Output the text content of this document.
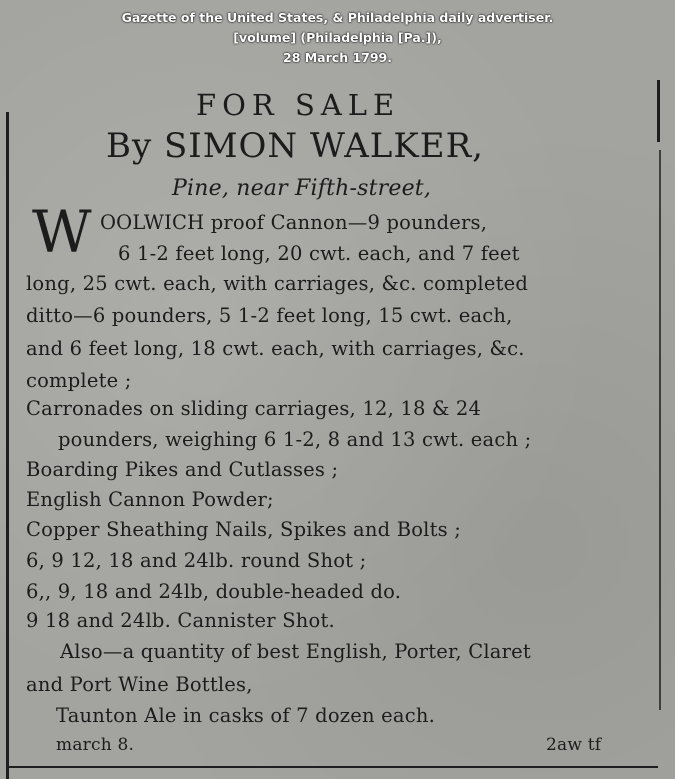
Gazette of the United States, & Philadelphia daily advertiser.
[volume] (Philadelphia [Pa.]),
28 March 1799.
FOR SALE
By SIMON WALKER,
Pine, near Fifth-street,
W OOLWICH proof Cannon—9 pounders,
6 1-2 feet long, 20 cwt. each, and 7 feet
long, 25 cwt. each, with carriages, &c. completed
ditto—6 pounders, 5 1-2 feet long, 15 cwt. each,
and 6 feet long, 18 cwt. each, with carriages, &c.
complete ;
Carronades on sliding carriages, 12, 18 & 24
pounders, weighing 6 1-2, 8 and 13 cwt. each ;
Boarding Pikes and Cutlasses ;
English Cannon Powder;
Copper Sheathing Nails, Spikes and Bolts ;
6, 9 12, 18 and 24lb. round Shot ;
6,, 9, 18 and 24lb, double-headed do.
9 18 and 24lb. Cannister Shot.
Also—a quantity of best English, Porter, Claret
and Port Wine Bottles,
Taunton Ale in casks of 7 dozen each.
march 8.	2aw tf
